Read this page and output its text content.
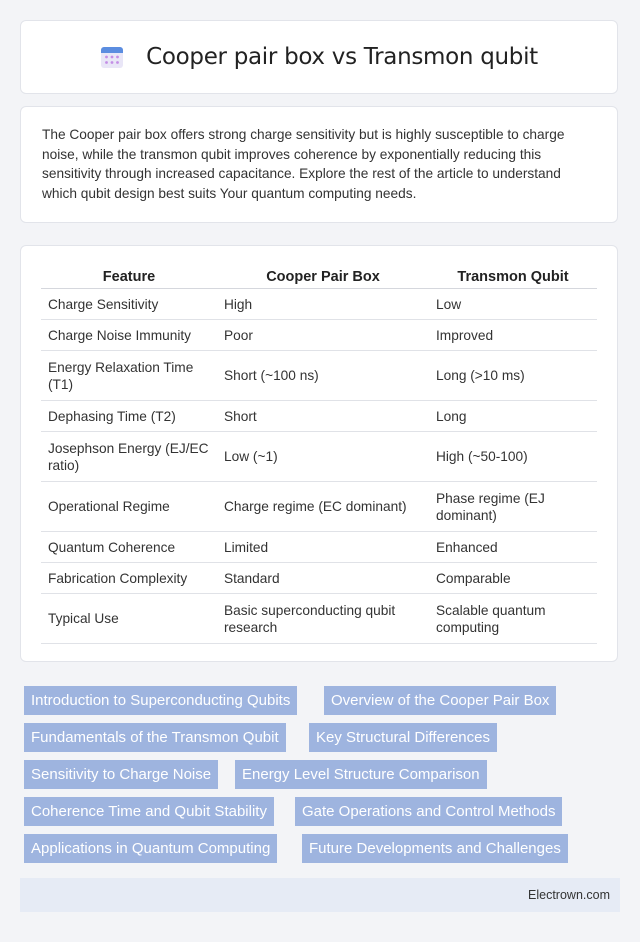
Cooper pair box vs Transmon qubit

The Cooper pair box offers strong charge sensitivity but is highly susceptible to charge noise, while the transmon qubit improves coherence by exponentially reducing this sensitivity through increased capacitance. Explore the rest of the article to understand which qubit design best suits Your quantum computing needs.

Feature	Cooper Pair Box	Transmon Qubit
Charge Sensitivity	High	Low
Charge Noise Immunity	Poor	Improved
Energy Relaxation Time (T1)	Short (~100 ns)	Long (>10 ms)
Dephasing Time (T2)	Short	Long
Josephson Energy (EJ/EC ratio)	Low (~1)	High (~50-100)
Operational Regime	Charge regime (EC dominant)	Phase regime (EJ dominant)
Quantum Coherence	Limited	Enhanced
Fabrication Complexity	Standard	Comparable
Typical Use	Basic superconducting qubit research	Scalable quantum computing
Introduction to Superconducting Qubits	Overview of the Cooper Pair Box
Fundamentals of the Transmon Qubit	Key Structural Differences
Sensitivity to Charge Noise	Energy Level Structure Comparison
Coherence Time and Qubit Stability	Gate Operations and Control Methods
Applications in Quantum Computing	Future Developments and Challenges
Electrown.com
